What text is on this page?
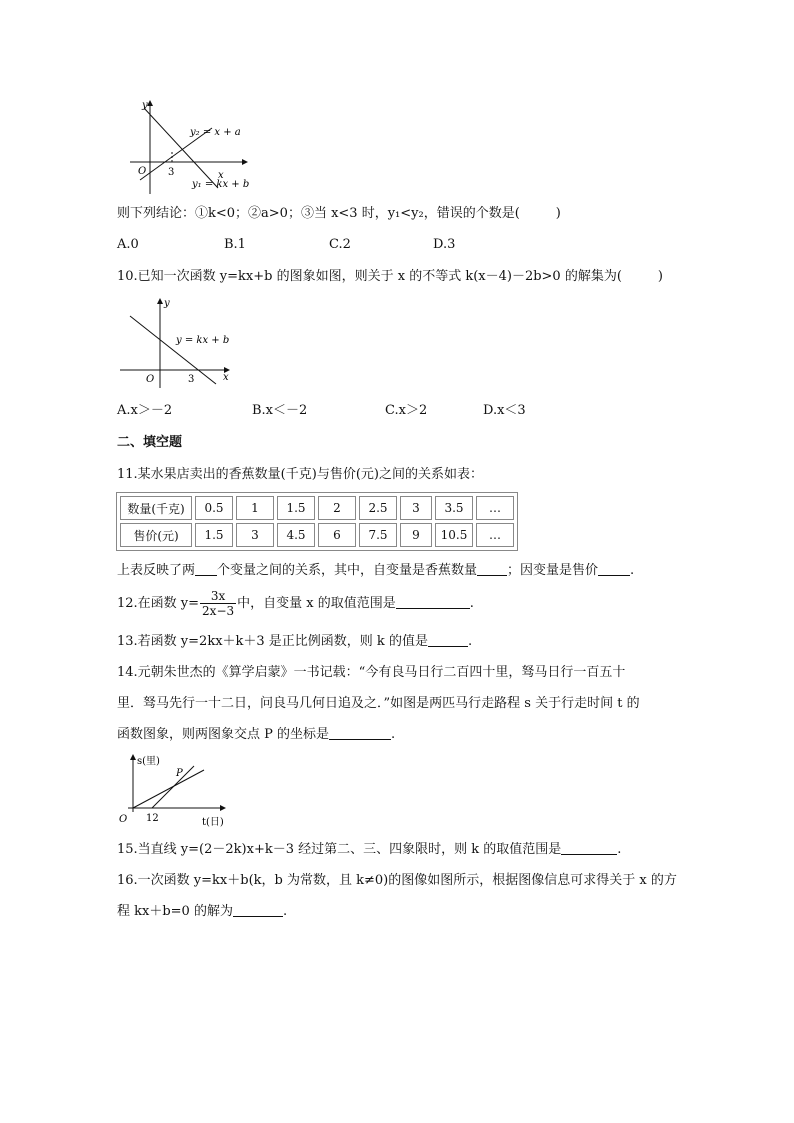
y
x
O 3
y₂ = x + a
y₁ = kx + b
则下列结论：①k<0；②a>0；③当 x<3 时，y₁<y₂，错误的个数是(	)
A.0	B.1	C.2	D.3
10.已知一次函数 y=kx+b 的图象如图，则关于 x 的不等式 k(x－4)－2b>0 的解集为(	)
y
x
O	3
y = kx + b
A.x＞－2	B.x＜－2	C.x＞2	D.x＜3
二、填空题
11.某水果店卖出的香蕉数量(千克)与售价(元)之间的关系如表：
数量(千克)	0.5	1	1.5	2	2.5	3	3.5	…
售价(元)	1.5	3	4.5	6	7.5	9	10.5	…
上表反映了两 个变量之间的关系，其中，自变量是香蕉数量 ；因变量是售价 .
12.在函数 $y= \frac{3x}{2x-3}$ 中，自变量 x 的取值范围是	.
13.若函数 y=2kx＋k＋3 是正比例函数，则 k 的值是	.
14.元朝朱世杰的《算学启蒙》一书记载：“今有良马日行二百四十里，驽马日行一百五十
里．驽马先行一十二日，问良马几何日追及之．”如图是两匹马行走路程 s 关于行走时间 t 的
函数图象，则两图象交点 P 的坐标是	.
s(里)
t(日)
O 12
P
15.当直线 y=(2－2k)x+k－3 经过第二、三、四象限时，则 k 的取值范围是	.
16.一次函数 y=kx＋b(k，b 为常数，且 k≠0)的图像如图所示，根据图像信息可求得关于 x 的方
程 kx＋b=0 的解为	.
